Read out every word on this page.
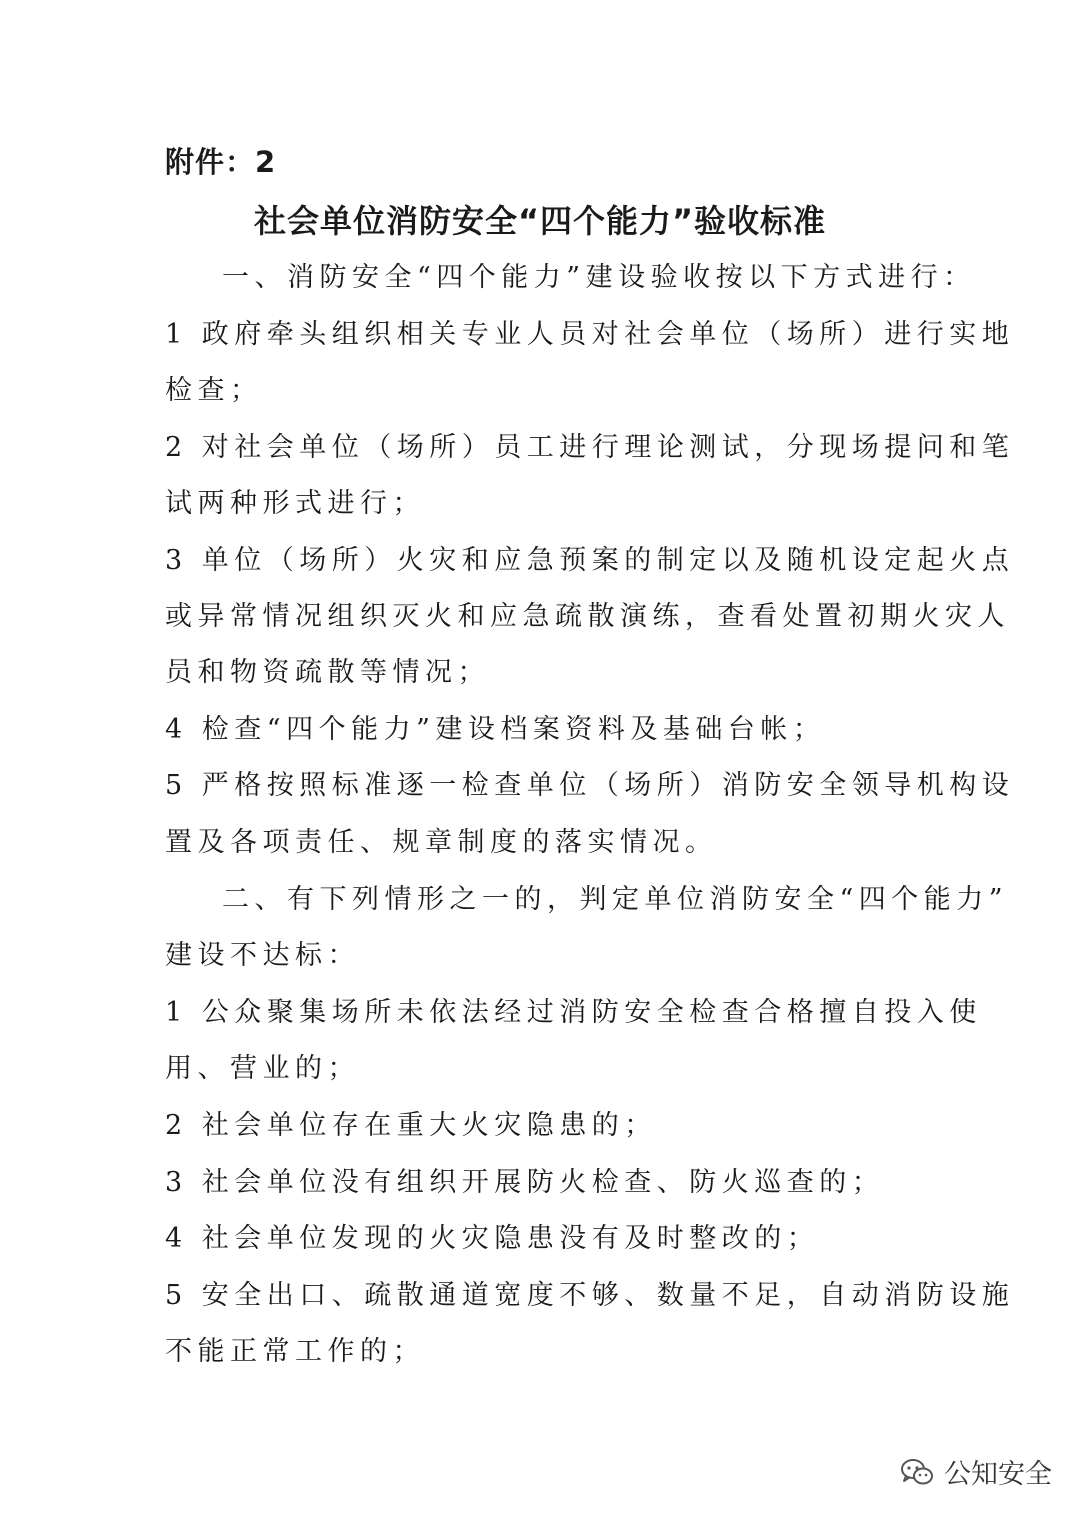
附件：2
社会单位消防安全“四个能力”验收标准
一、消防安全“四个能力”建设验收按以下方式进行：
1 政府牵头组织相关专业人员对社会单位（场所）进行实地
检查；
2 对社会单位（场所）员工进行理论测试，分现场提问和笔
试两种形式进行；
3 单位（场所）火灾和应急预案的制定以及随机设定起火点
或异常情况组织灭火和应急疏散演练，查看处置初期火灾人
员和物资疏散等情况；
4 检查“四个能力”建设档案资料及基础台帐；
5 严格按照标准逐一检查单位（场所）消防安全领导机构设
置及各项责任、规章制度的落实情况。
二、有下列情形之一的，判定单位消防安全“四个能力”
建设不达标：
1 公众聚集场所未依法经过消防安全检查合格擅自投入使
用、营业的；
2 社会单位存在重大火灾隐患的；
3 社会单位没有组织开展防火检查、防火巡查的；
4 社会单位发现的火灾隐患没有及时整改的；
5 安全出口、疏散通道宽度不够、数量不足，自动消防设施
不能正常工作的；
公知安全
